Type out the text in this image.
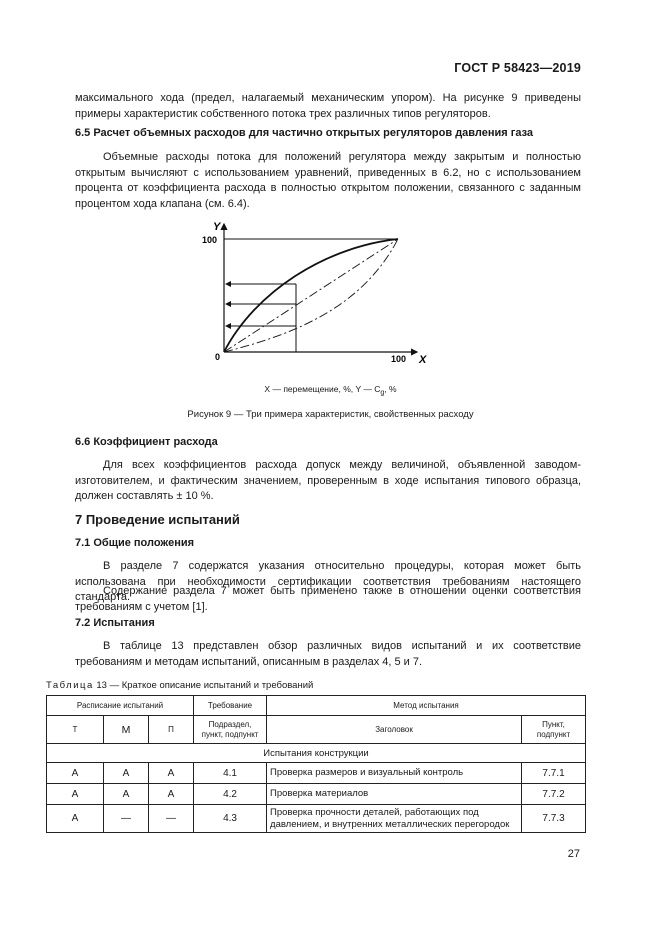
ГОСТ Р 58423—2019

максимального хода (предел, налагаемый механическим упором). На рисунке 9 приведены примеры характеристик собственного потока трех различных типов регуляторов.

6.5 Расчет объемных расходов для частично открытых регуляторов давления газа

Объемные расходы потока для положений регулятора между закрытым и полностью открытым вычисляют с использованием уравнений, приведенных в 6.2, но с использованием процента от коэффициента расхода в полностью открытом положении, связанного с заданным процентом хода клапана (см. 6.4).

Y
100
0	100 X
X — перемещение, %, Y — $C_g$, %
Рисунок 9 — Три примера характеристик, свойственных расходу

6.6 Коэффициент расхода

Для всех коэффициентов расхода допуск между величиной, объявленной заводом-изготовителем, и фактическим значением, проверенным в ходе испытания типового образца, должен составлять ± 10 %.

7 Проведение испытаний

7.1 Общие положения

В разделе 7 содержатся указания относительно процедуры, которая может быть использована при необходимости сертификации соответствия требованиям настоящего стандарта.

Содержание раздела 7 может быть применено также в отношении оценки соответствия требованиям с учетом [1].

7.2 Испытания

В таблице 13 представлен обзор различных видов испытаний и их соответствие требованиям и методам испытаний, описанным в разделах 4, 5 и 7.

Таблица 13 — Краткое описание испытаний и требований
Расписание испытаний			Требование	Метод испытания	
Т	М	П	Подраздел, пункт, подпункт	Заголовок	Пункт, подпункт
Испытания конструкции					
А	А	А	4.1	Проверка размеров и визуальный контроль	7.7.1
А	А	А	4.2	Проверка материалов	7.7.2
А	—	—	4.3	Проверка прочности деталей, работающих под давлением, и внутренних металлических перегородок	7.7.3
27
